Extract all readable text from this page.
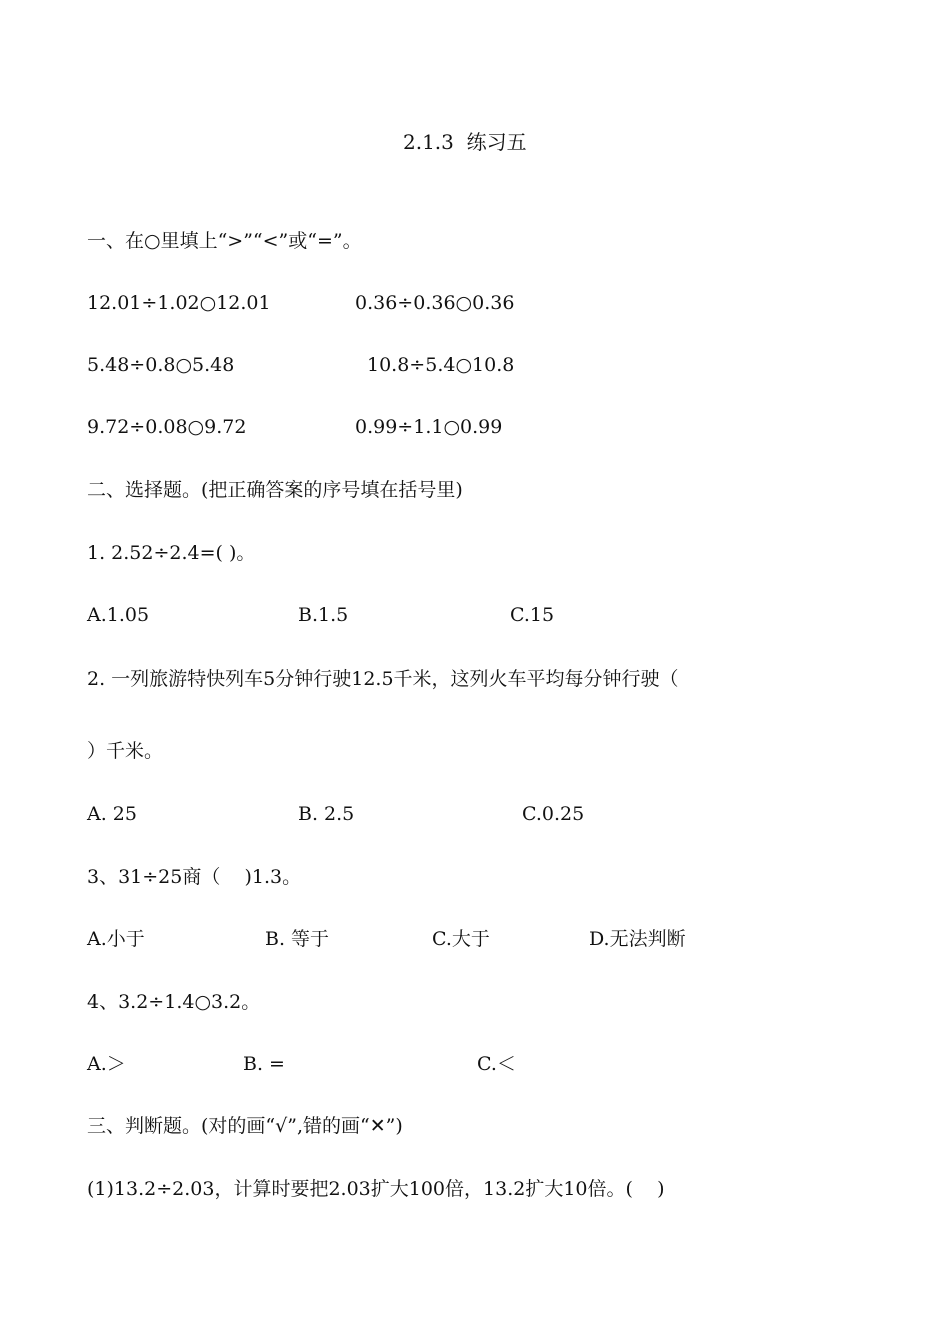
2.1.3  练习五
一、在○里填上“>”“<”或“=”。
12.01÷1.02○12.01	0.36÷0.36○0.36
5.48÷0.8○5.48	10.8÷5.4○10.8
9.72÷0.08○9.72	0.99÷1.1○0.99
二、选择题。(把正确答案的序号填在括号里)
1. 2.52÷2.4=( )。
A.1.05	B.1.5	C.15
2. 一列旅游特快列车5分钟行驶12.5千米，这列火车平均每分钟行驶（
）千米。
A. 25	B. 2.5	C.0.25
3、31÷25商（    )1.3。
A.小于	B. 等于	C.大于	D.无法判断
4、3.2÷1.4○3.2。
A.＞	B. =	C.＜
三、判断题。(对的画“√”,错的画“✕”)
(1)13.2÷2.03，计算时要把2.03扩大100倍，13.2扩大10倍。(    )
